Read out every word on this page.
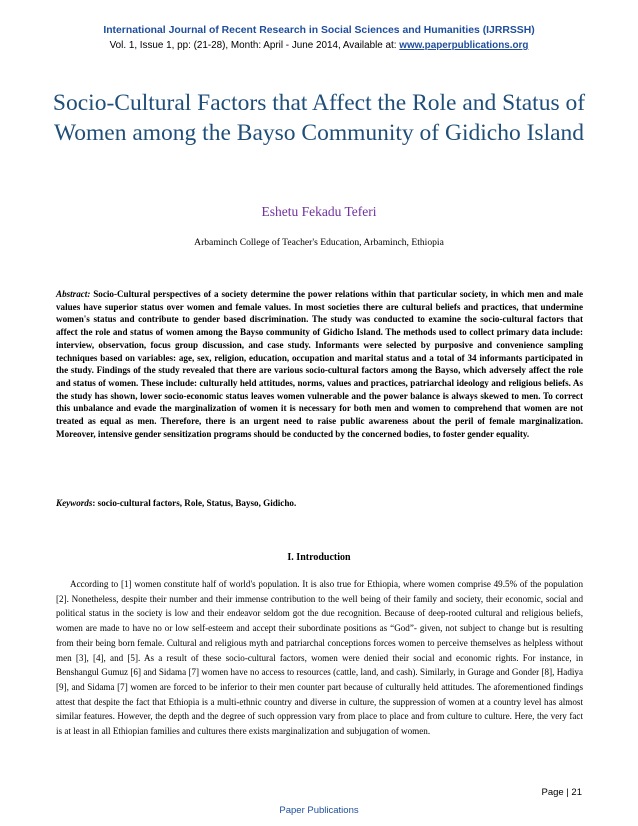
International Journal of Recent Research in Social Sciences and Humanities (IJRRSSH)
Vol. 1, Issue 1, pp: (21-28), Month: April - June 2014, Available at: www.paperpublications.org
Socio-Cultural Factors that Affect the Role and Status of Women among the Bayso Community of Gidicho Island
Eshetu Fekadu Teferi
Arbaminch College of Teacher's Education, Arbaminch, Ethiopia
Abstract: Socio-Cultural perspectives of a society determine the power relations within that particular society, in which men and male values have superior status over women and female values. In most societies there are cultural beliefs and practices, that undermine women's status and contribute to gender based discrimination. The study was conducted to examine the socio-cultural factors that affect the role and status of women among the Bayso community of Gidicho Island. The methods used to collect primary data include: interview, observation, focus group discussion, and case study. Informants were selected by purposive and convenience sampling techniques based on variables: age, sex, religion, education, occupation and marital status and a total of 34 informants participated in the study. Findings of the study revealed that there are various socio-cultural factors among the Bayso, which adversely affect the role and status of women. These include: culturally held attitudes, norms, values and practices, patriarchal ideology and religious beliefs. As the study has shown, lower socio-economic status leaves women vulnerable and the power balance is always skewed to men. To correct this unbalance and evade the marginalization of women it is necessary for both men and women to comprehend that women are not treated as equal as men. Therefore, there is an urgent need to raise public awareness about the peril of female marginalization. Moreover, intensive gender sensitization programs should be conducted by the concerned bodies, to foster gender equality.
Keywords: socio-cultural factors, Role, Status, Bayso, Gidicho.
I. Introduction
According to [1] women constitute half of world's population. It is also true for Ethiopia, where women comprise 49.5% of the population [2]. Nonetheless, despite their number and their immense contribution to the well being of their family and society, their economic, social and political status in the society is low and their endeavor seldom got the due recognition. Because of deep-rooted cultural and religious beliefs, women are made to have no or low self-esteem and accept their subordinate positions as “God”- given, not subject to change but is resulting from their being born female. Cultural and religious myth and patriarchal conceptions forces women to perceive themselves as helpless without men [3], [4], and [5]. As a result of these socio-cultural factors, women were denied their social and economic rights. For instance, in Benshangul Gumuz [6] and Sidama [7] women have no access to resources (cattle, land, and cash). Similarly, in Gurage and Gonder [8], Hadiya [9], and Sidama [7] women are forced to be inferior to their men counter part because of culturally held attitudes. The aforementioned findings attest that despite the fact that Ethiopia is a multi-ethnic country and diverse in culture, the suppression of women at a country level has almost similar features. However, the depth and the degree of such oppression vary from place to place and from culture to culture. Here, the very fact is at least in all Ethiopian families and cultures there exists marginalization and subjugation of women.
Page | 21
Paper Publications
